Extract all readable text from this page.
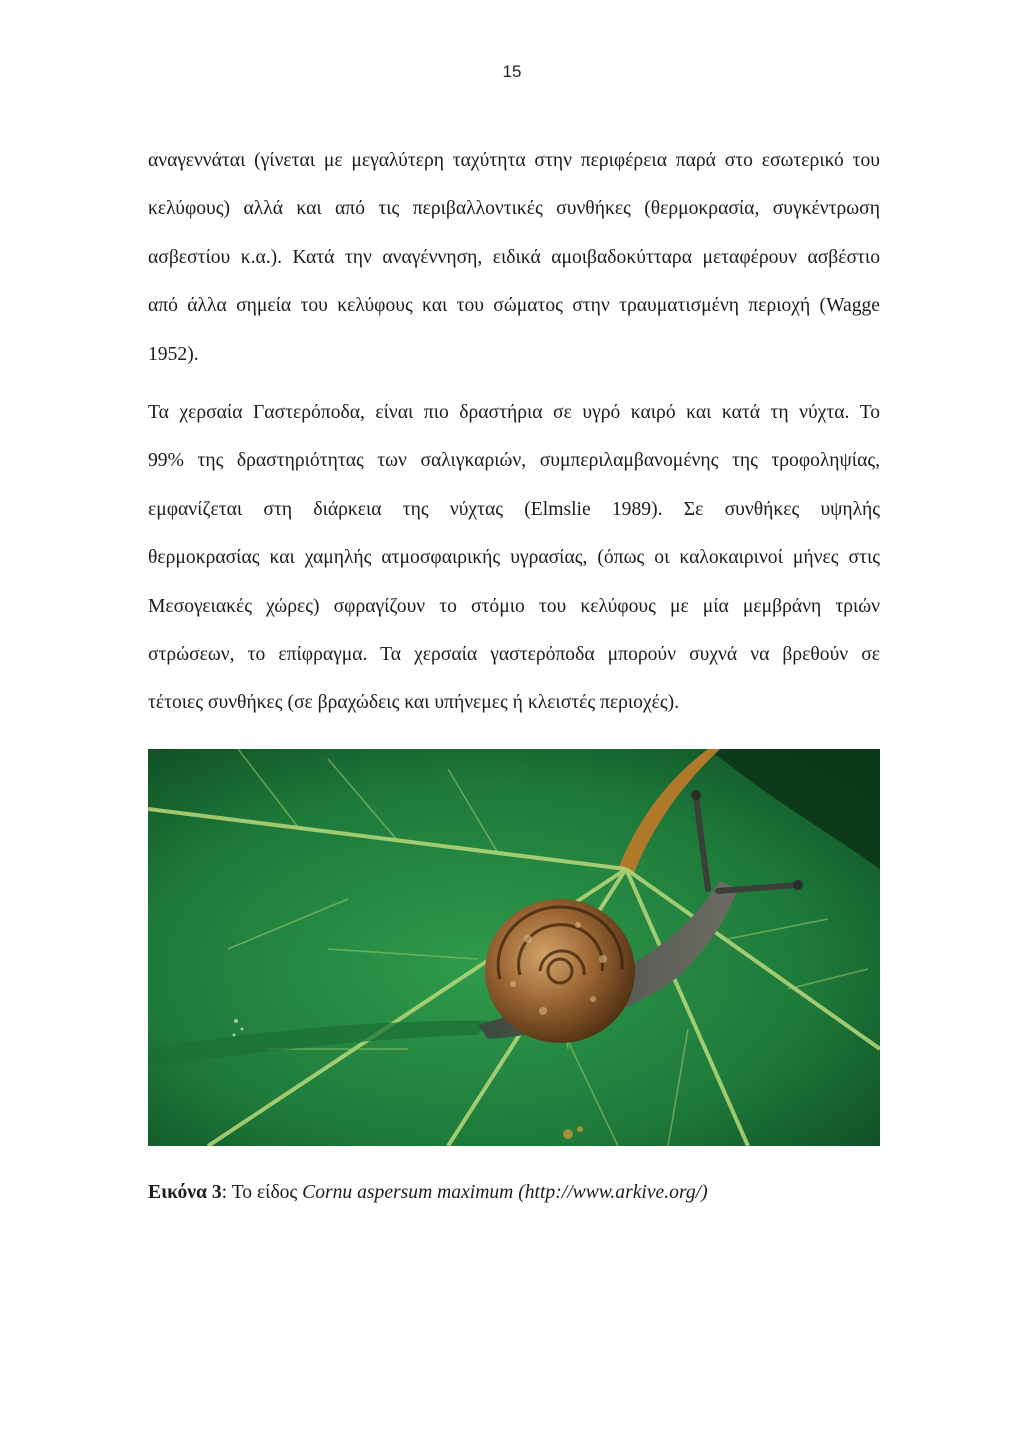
15

αναγεννάται (γίνεται με μεγαλύτερη ταχύτητα στην περιφέρεια παρά στο εσωτερικό του
κελύφους) αλλά και από τις περιβαλλοντικές συνθήκες (θερμοκρασία, συγκέντρωση
ασβεστίου κ.α.). Κατά την αναγέννηση, ειδικά αμοιβαδοκύτταρα μεταφέρουν ασβέστιο
από άλλα σημεία του κελύφους και του σώματος στην τραυματισμένη περιοχή (Wagge
1952).

Τα χερσαία Γαστερόποδα, είναι πιο δραστήρια σε υγρό καιρό και κατά τη νύχτα. Το
99% της δραστηριότητας των σαλιγκαριών, συμπεριλαμβανομένης της τροφοληψίας,
εμφανίζεται στη διάρκεια της νύχτας (Elmslie 1989). Σε συνθήκες υψηλής
θερμοκρασίας και χαμηλής ατμοσφαιρικής υγρασίας, (όπως οι καλοκαιρινοί μήνες στις
Μεσογειακές χώρες) σφραγίζουν το στόμιο του κελύφους με μία μεμβράνη τριών
στρώσεων, το επίφραγμα. Τα χερσαία γαστερόποδα μπορούν συχνά να βρεθούν σε
τέτοιες συνθήκες (σε βραχώδεις και υπήνεμες ή κλειστές περιοχές).

Εικόνα 3: Το είδος Cornu aspersum maximum (http://www.arkive.org/)
